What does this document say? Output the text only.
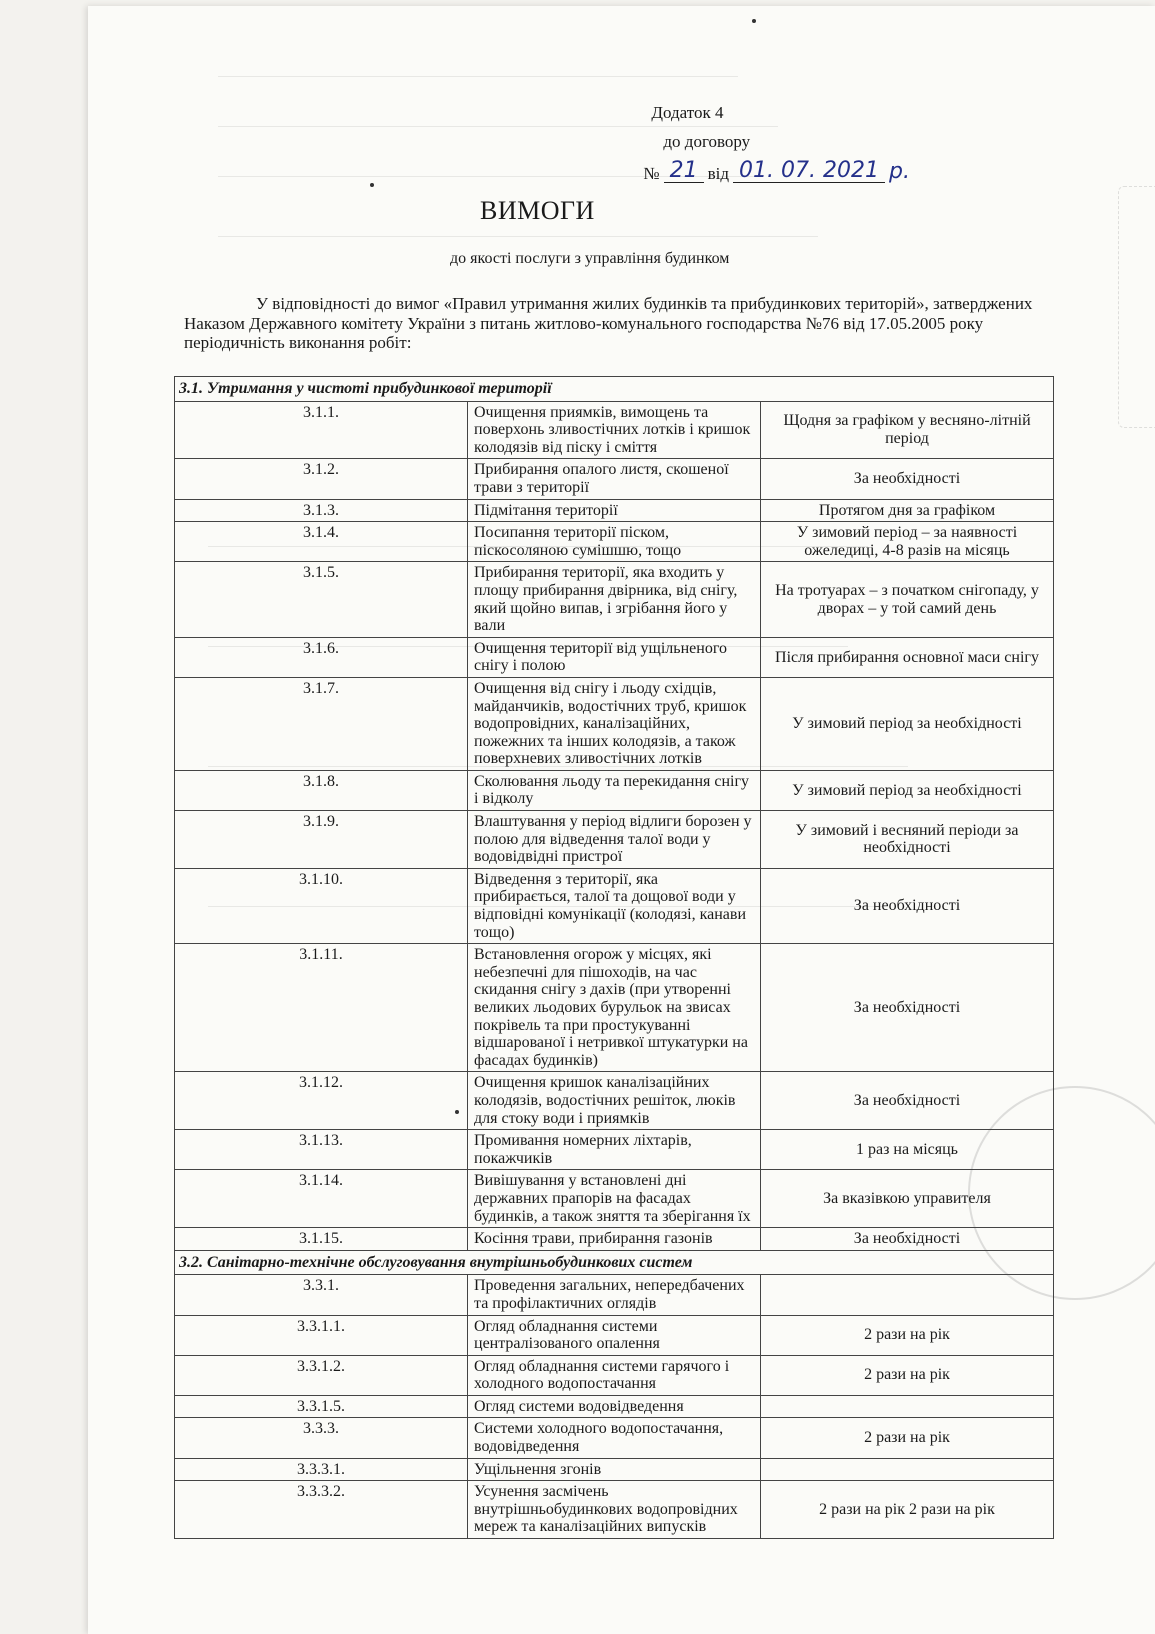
Додаток 4
до договору
№ 21 від 01. 07. 2021 р.
ВИМОГИ
до якості послуги з управління будинком

У відповідності до вимог «Правил утримання жилих будинків та прибудинкових територій», затверджених Наказом Державного комітету України з питань житлово-комунального господарства №76 від 17.05.2005 року періодичність виконання робіт:

3.1. Утримання у чистоті прибудинкової території		
3.1.1.	Очищення приямків, вимощень та поверхонь зливостічних лотків і кришок колодязів від піску і сміття	Щодня за графіком у весняно-літній період
3.1.2.	Прибирання опалого листя, скошеної трави з території	За необхідності
3.1.3.	Підмітання території	Протягом дня за графіком
3.1.4.	Посипання території піском, піскосоляною сумішшю, тощо	У зимовий період – за наявності ожеледиці, 4-8 разів на місяць
3.1.5.	Прибирання території, яка входить у площу прибирання двірника, від снігу, який щойно випав, і згрібання його у вали	На тротуарах – з початком снігопаду, у дворах – у той самий день
3.1.6.	Очищення території від ущільненого снігу і полою	Після прибирання основної маси снігу
3.1.7.	Очищення від снігу і льоду східців, майданчиків, водостічних труб, кришок водопровідних, каналізаційних, пожежних та інших колодязів, а також поверхневих зливостічних лотків	У зимовий період за необхідності
3.1.8.	Сколювання льоду та перекидання снігу і відколу	У зимовий період за необхідності
3.1.9.	Влаштування у період відлиги борозен у полою для відведення талої води у водовідвідні пристрої	У зимовий і весняний періоди за необхідності
3.1.10.	Відведення з території, яка прибирається, талої та дощової води у відповідні комунікації (колодязі, канави тощо)	За необхідності
3.1.11.	Встановлення огорож у місцях, які небезпечні для пішоходів, на час скидання снігу з дахів (при утворенні великих льодових бурульок на звисах покрівель та при простукуванні відшарованої і нетривкої штукатурки на фасадах будинків)	За необхідності
3.1.12.	Очищення кришок каналізаційних колодязів, водостічних решіток, люків для стоку води і приямків	За необхідності
3.1.13.	Промивання номерних ліхтарів, покажчиків	1 раз на місяць
3.1.14.	Вивішування у встановлені дні державних прапорів на фасадах будинків, а також зняття та зберігання їх	За вказівкою управителя
3.1.15.	Косіння трави, прибирання газонів	За необхідності
3.2. Санітарно-технічне обслуговування внутрішньобудинкових систем		
3.3.1.	Проведення загальних, непередбачених та профілактичних оглядів	
3.3.1.1.	Огляд обладнання системи централізованого опалення	2 рази на рік
3.3.1.2.	Огляд обладнання системи гарячого і холодного водопостачання	2 рази на рік
3.3.1.5.	Огляд системи водовідведення	
3.3.3.	Системи холодного водопостачання, водовідведення	2 рази на рік
3.3.3.1.	Ущільнення згонів	
3.3.3.2.	Усунення засмічень внутрішньобудинкових водопровідних мереж та каналізаційних випусків	2 рази на рік 2 рази на рік
